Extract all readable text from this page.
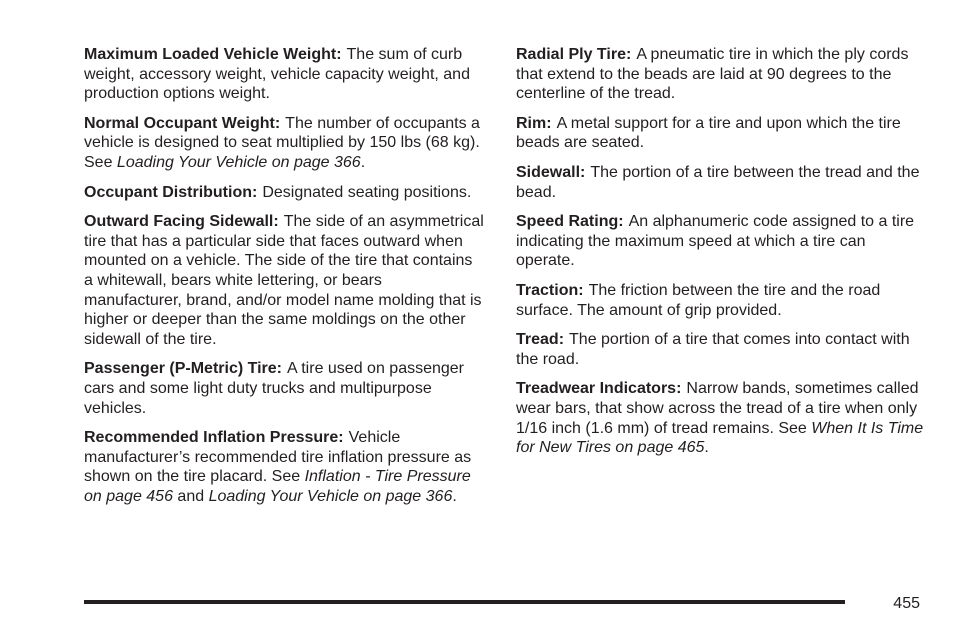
Maximum Loaded Vehicle Weight: The sum of curb weight, accessory weight, vehicle capacity weight, and production options weight.

Normal Occupant Weight: The number of occupants a vehicle is designed to seat multiplied by 150 lbs (68 kg). See Loading Your Vehicle on page 366.

Occupant Distribution: Designated seating positions.

Outward Facing Sidewall: The side of an asymmetrical tire that has a particular side that faces outward when mounted on a vehicle. The side of the tire that contains a whitewall, bears white lettering, or bears manufacturer, brand, and/or model name molding that is higher or deeper than the same moldings on the other sidewall of the tire.

Passenger (P-Metric) Tire: A tire used on passenger cars and some light duty trucks and multipurpose vehicles.

Recommended Inflation Pressure: Vehicle manufacturer’s recommended tire inflation pressure as shown on the tire placard. See Inflation - Tire Pressure on page 456 and Loading Your Vehicle on page 366.

Radial Ply Tire: A pneumatic tire in which the ply cords that extend to the beads are laid at 90 degrees to the centerline of the tread.

Rim: A metal support for a tire and upon which the tire beads are seated.

Sidewall: The portion of a tire between the tread and the bead.

Speed Rating: An alphanumeric code assigned to a tire indicating the maximum speed at which a tire can operate.

Traction: The friction between the tire and the road surface. The amount of grip provided.

Tread: The portion of a tire that comes into contact with the road.

Treadwear Indicators: Narrow bands, sometimes called wear bars, that show across the tread of a tire when only 1/16 inch (1.6 mm) of tread remains. See When It Is Time for New Tires on page 465.

455
